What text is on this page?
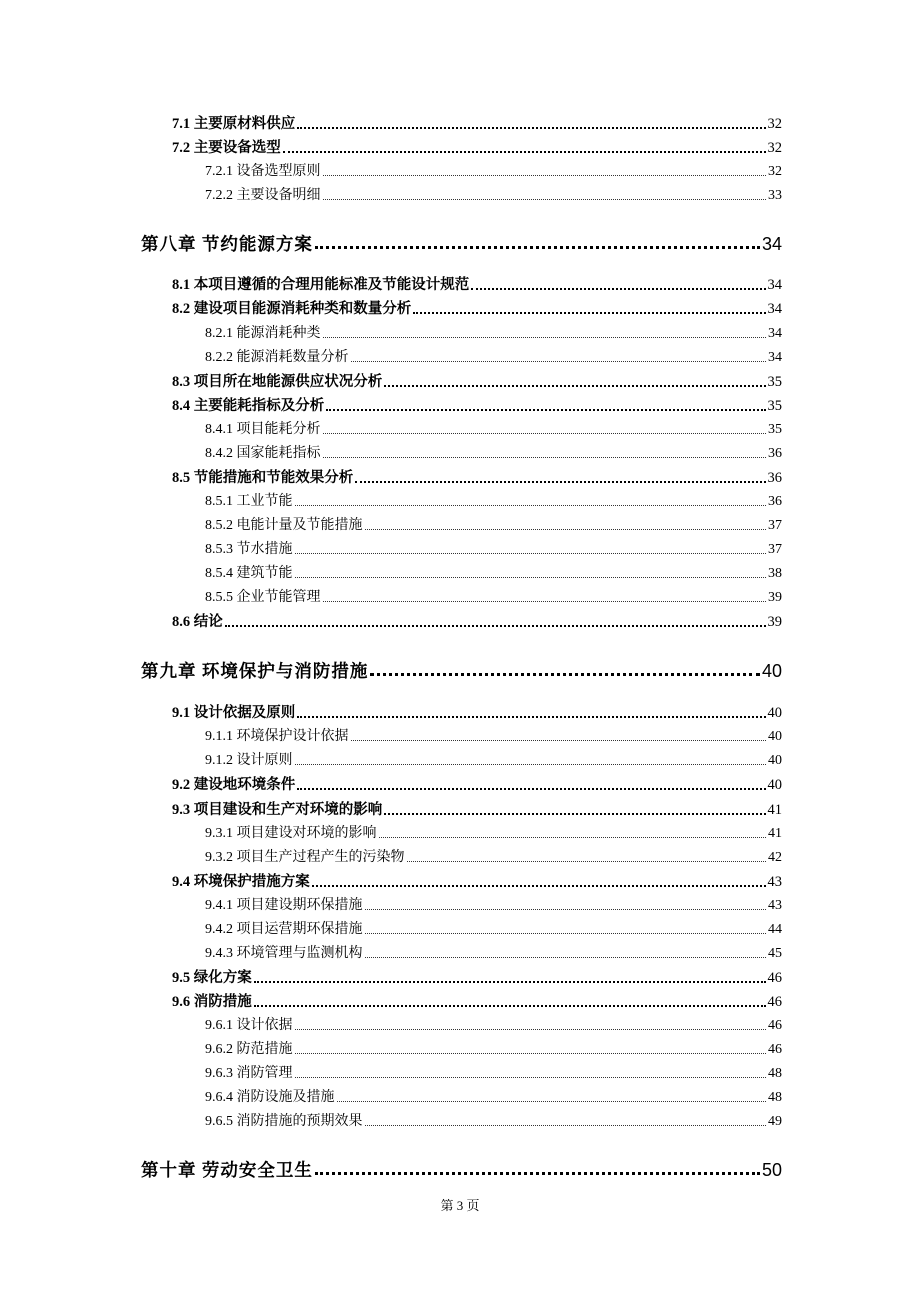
7.1 主要原材料供应	32
7.2 主要设备选型	32
7.2.1 设备选型原则	32
7.2.2 主要设备明细	33
第八章 节约能源方案	34
8.1 本项目遵循的合理用能标准及节能设计规范	34
8.2 建设项目能源消耗种类和数量分析	34
8.2.1 能源消耗种类	34
8.2.2 能源消耗数量分析	34
8.3 项目所在地能源供应状况分析	35
8.4 主要能耗指标及分析	35
8.4.1 项目能耗分析	35
8.4.2 国家能耗指标	36
8.5 节能措施和节能效果分析	36
8.5.1 工业节能	36
8.5.2 电能计量及节能措施	37
8.5.3 节水措施	37
8.5.4 建筑节能	38
8.5.5 企业节能管理	39
8.6 结论	39
第九章 环境保护与消防措施	40
9.1 设计依据及原则	40
9.1.1 环境保护设计依据	40
9.1.2 设计原则	40
9.2 建设地环境条件	40
9.3 项目建设和生产对环境的影响	41
9.3.1 项目建设对环境的影响	41
9.3.2 项目生产过程产生的污染物	42
9.4 环境保护措施方案	43
9.4.1 项目建设期环保措施	43
9.4.2 项目运营期环保措施	44
9.4.3 环境管理与监测机构	45
9.5 绿化方案	46
9.6 消防措施	46
9.6.1 设计依据	46
9.6.2 防范措施	46
9.6.3 消防管理	48
9.6.4 消防设施及措施	48
9.6.5 消防措施的预期效果	49
第十章 劳动安全卫生	50
第 3 页
